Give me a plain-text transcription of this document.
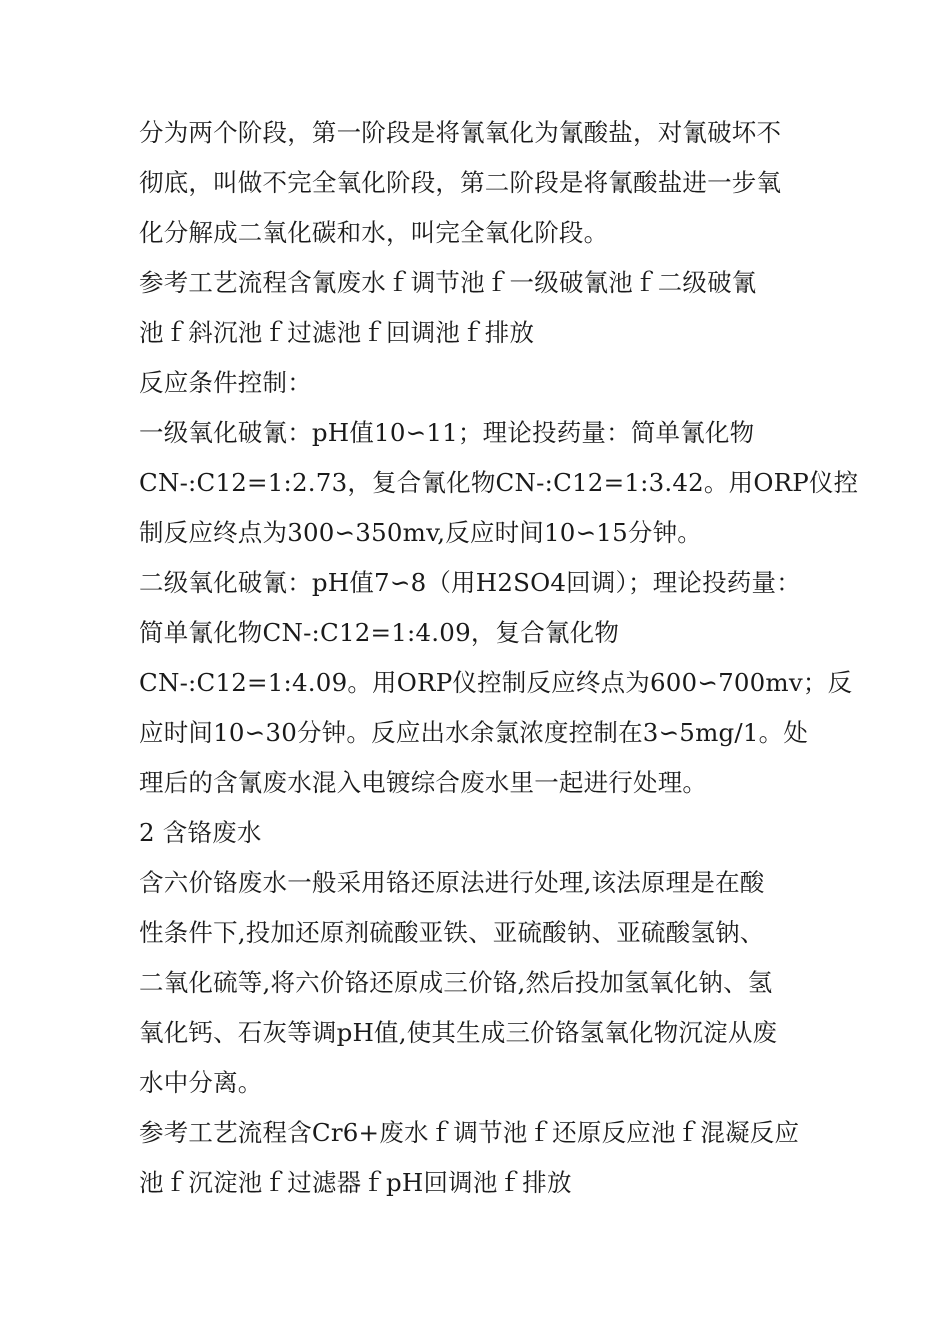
分为两个阶段，第一阶段是将氰氧化为氰酸盐，对氰破坏不
彻底，叫做不完全氧化阶段，第二阶段是将氰酸盐进一步氧
化分解成二氧化碳和水，叫完全氧化阶段。
参考工艺流程含氰废水ｆ调节池ｆ一级破氰池ｆ二级破氰
池ｆ斜沉池ｆ过滤池ｆ回调池ｆ排放
反应条件控制：
一级氧化破氰：pH值10∽11；理论投药量：简单氰化物
CN-:C12=1:2.73，复合氰化物CN-:C12=1:3.42。用ORP仪控
制反应终点为300∽350mv,反应时间10∽15分钟。
二级氧化破氰：pH值7∽8（用H2SO4回调）；理论投药量：
简单氰化物CN-:C12=1:4.09，复合氰化物
CN-:C12=1:4.09。用ORP仪控制反应终点为600∽700mv；反
应时间10∽30分钟。反应出水余氯浓度控制在3∽5mg/1。处
理后的含氰废水混入电镀综合废水里一起进行处理。
2 含铬废水
含六价铬废水一般采用铬还原法进行处理,该法原理是在酸
性条件下,投加还原剂硫酸亚铁、亚硫酸钠、亚硫酸氢钠、
二氧化硫等,将六价铬还原成三价铬,然后投加氢氧化钠、氢
氧化钙、石灰等调pH值,使其生成三价铬氢氧化物沉淀从废
水中分离。
参考工艺流程含Cr6+废水ｆ调节池ｆ还原反应池ｆ混凝反应
池ｆ沉淀池ｆ过滤器ｆpH回调池ｆ排放
